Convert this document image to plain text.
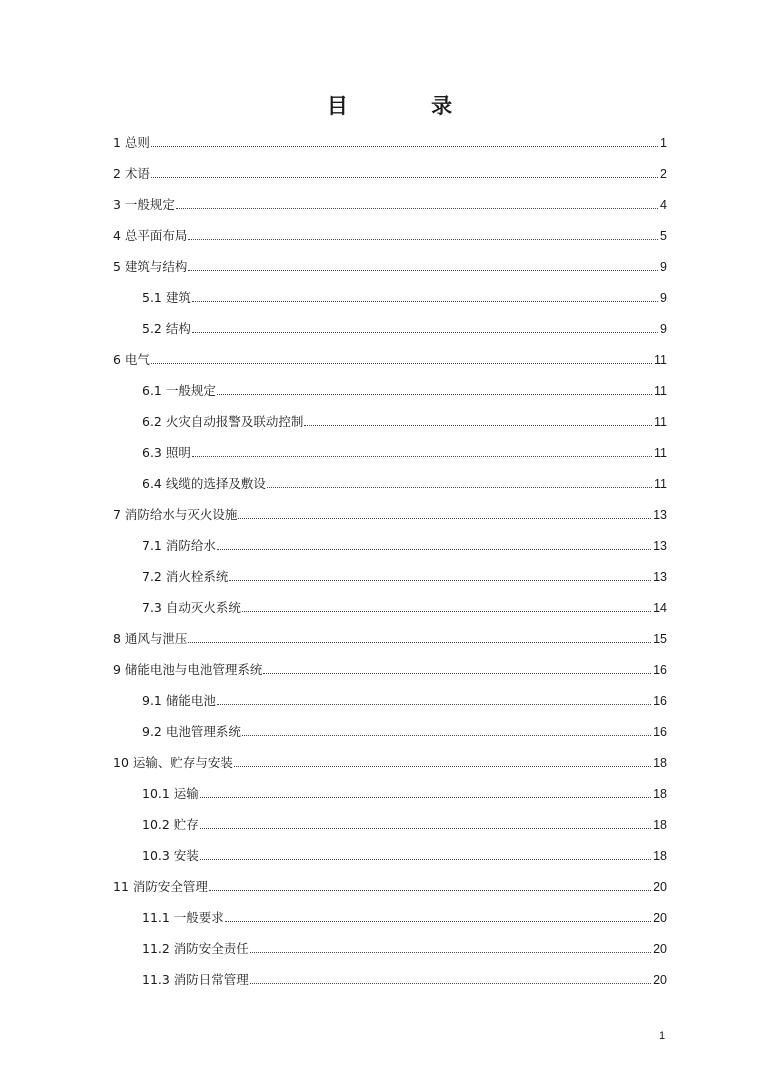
目 录
1 总则	1
2 术语	2
3 一般规定	4
4 总平面布局	5
5 建筑与结构	9
5.1 建筑	9
5.2 结构	9
6 电气	11
6.1 一般规定	11
6.2 火灾自动报警及联动控制	11
6.3 照明	11
6.4 线缆的选择及敷设	11
7 消防给水与灭火设施	13
7.1 消防给水	13
7.2 消火栓系统	13
7.3 自动灭火系统	14
8 通风与泄压	15
9 储能电池与电池管理系统	16
9.1 储能电池	16
9.2 电池管理系统	16
10 运输、贮存与安装	18
10.1 运输	18
10.2 贮存	18
10.3 安装	18
11 消防安全管理	20
11.1 一般要求	20
11.2 消防安全责任	20
11.3 消防日常管理	20
1
